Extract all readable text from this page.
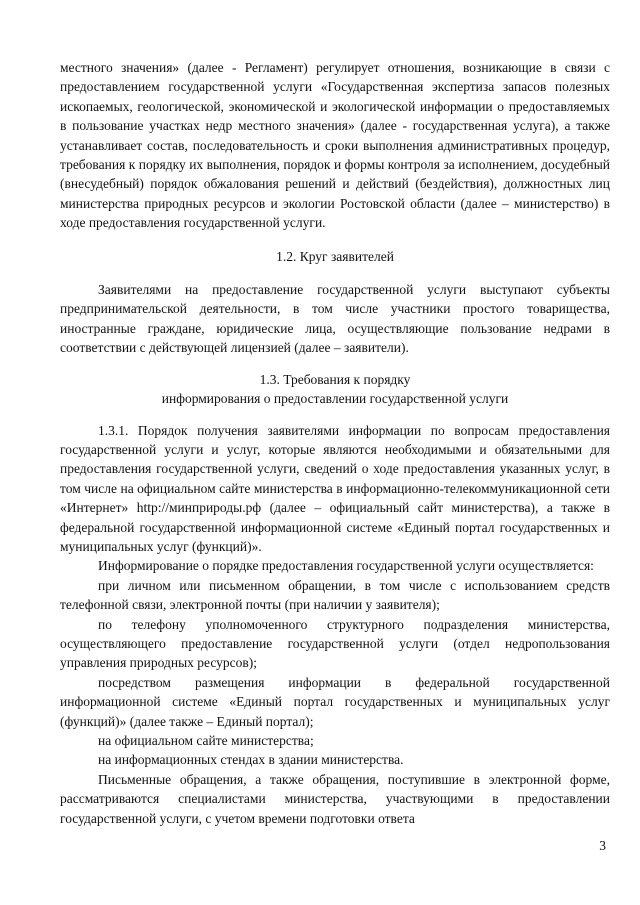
местного значения» (далее - Регламент) регулирует отношения, возникающие в связи с предоставлением государственной услуги «Государственная экспертиза запасов полезных ископаемых, геологической, экономической и экологической информации о предоставляемых в пользование участках недр местного значения» (далее - государственная услуга), а также устанавливает состав, последовательность и сроки выполнения административных процедур, требования к порядку их выполнения, порядок и формы контроля за исполнением, досудебный (внесудебный) порядок обжалования решений и действий (бездействия), должностных лиц министерства природных ресурсов и экологии Ростовской области (далее – министерство) в ходе предоставления государственной услуги.

1.2. Круг заявителей

Заявителями на предоставление государственной услуги выступают субъекты предпринимательской деятельности, в том числе участники простого товарищества, иностранные граждане, юридические лица, осуществляющие пользование недрами в соответствии с действующей лицензией (далее – заявители).

1.3. Требования к порядку

информирования о предоставлении государственной услуги

1.3.1. Порядок получения заявителями информации по вопросам предоставления государственной услуги и услуг, которые являются необходимыми и обязательными для предоставления государственной услуги, сведений о ходе предоставления указанных услуг, в том числе на официальном сайте министерства в информационно-телекоммуникационной сети «Интернет» http://минприроды.рф (далее – официальный сайт министерства), а также в федеральной государственной информационной системе «Единый портал государственных и муниципальных услуг (функций)».

Информирование о порядке предоставления государственной услуги осуществляется:

при личном или письменном обращении, в том числе с использованием средств телефонной связи, электронной почты (при наличии у заявителя);

по телефону уполномоченного структурного подразделения министерства, осуществляющего предоставление государственной услуги (отдел недропользования управления природных ресурсов);

посредством размещения информации в федеральной государственной информационной системе «Единый портал государственных и муниципальных услуг (функций)» (далее также – Единый портал);

на официальном сайте министерства;

на информационных стендах в здании министерства.

Письменные обращения, а также обращения, поступившие в электронной форме, рассматриваются специалистами министерства, участвующими в предоставлении государственной услуги, с учетом времени подготовки ответа

3
